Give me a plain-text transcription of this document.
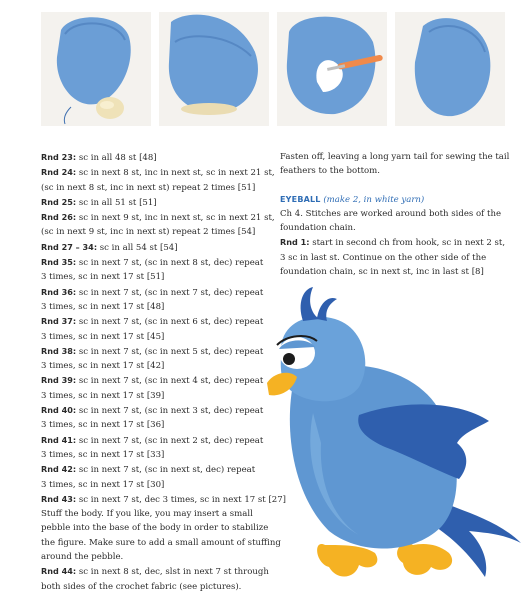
Rnd 23: sc in all 48 st [48]
Rnd 24: sc in next 8 st, inc in next st, sc in next 21 st,
(sc in next 8 st, inc in next st) repeat 2 times [51]
Rnd 25: sc in all 51 st [51]
Rnd 26: sc in next 9 st, inc in next st, sc in next 21 st,
(sc in next 9 st, inc in next st) repeat 2 times [54]
Rnd 27 – 34: sc in all 54 st [54]
Rnd 35: sc in next 7 st, (sc in next 8 st, dec) repeat
3 times, sc in next 17 st [51]
Rnd 36: sc in next 7 st, (sc in next 7 st, dec) repeat
3 times, sc in next 17 st [48]
Rnd 37: sc in next 7 st, (sc in next 6 st, dec) repeat
3 times, sc in next 17 st [45]
Rnd 38: sc in next 7 st, (sc in next 5 st, dec) repeat
3 times, sc in next 17 st [42]
Rnd 39: sc in next 7 st, (sc in next 4 st, dec) repeat
3 times, sc in next 17 st [39]
Rnd 40: sc in next 7 st, (sc in next 3 st, dec) repeat
3 times, sc in next 17 st [36]
Rnd 41: sc in next 7 st, (sc in next 2 st, dec) repeat
3 times, sc in next 17 st [33]
Rnd 42: sc in next 7 st, (sc in next st, dec) repeat
3 times, sc in next 17 st [30]
Rnd 43: sc in next 7 st, dec 3 times, sc in next 17 st [27]
Stuff the body. If you like, you may insert a small
pebble into the base of the body in order to stabilize
the figure. Make sure to add a small amount of stuffing
around the pebble.
Rnd 44: sc in next 8 st, dec, slst in next 7 st through
both sides of the crochet fabric (see pictures).
Fasten off, leaving a long yarn tail for sewing the tail
feathers to the bottom.
EYEBALL (make 2, in white yarn)
Ch 4. Stitches are worked around both sides of the
foundation chain.
Rnd 1: start in second ch from hook, sc in next 2 st,
3 sc in last st. Continue on the other side of the
foundation chain, sc in next st, inc in last st [8]
